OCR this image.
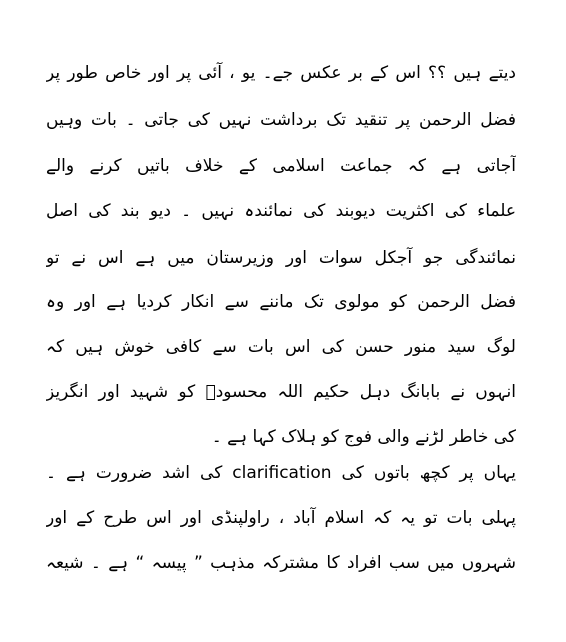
دیتے ہیں ؟؟ اس کے بر عکس جے۔ یو ، آئی پر اور خاص طور پر
فضل الرحمن پر تنقید تک برداشت نہیں کی جاتی ۔ بات وہیں
آجاتی ہے کہ جماعت اسلامی کے خلاف باتیں کرنے والے
علماء کی اکثریت دیوبند کی نمائندہ نہیں ۔ دیو بند کی اصل
نمائندگی جو آجکل سوات اور وزیرستان میں ہے اس نے تو
فضل الرحمن کو مولوی تک ماننے سے انکار کردیا ہے اور وہ
لوگ سید منور حسن کی اس بات سے کافی خوش ہیں کہ
انہوں نے بابانگ دہل حکیم اللہ محسودؒ کو شہید اور انگریز
کی خاطر لڑنے والی فوج کو ہلاک کہا ہے ۔
یہاں پر کچھ باتوں کی clarification کی اشد ضرورت ہے ۔
پہلی بات تو یہ کہ اسلام آباد ، راولپنڈی اور اس طرح کے اور
شہروں میں سب افراد کا مشترکہ مذہب ” پیسہ “ ہے ۔ شیعہ
